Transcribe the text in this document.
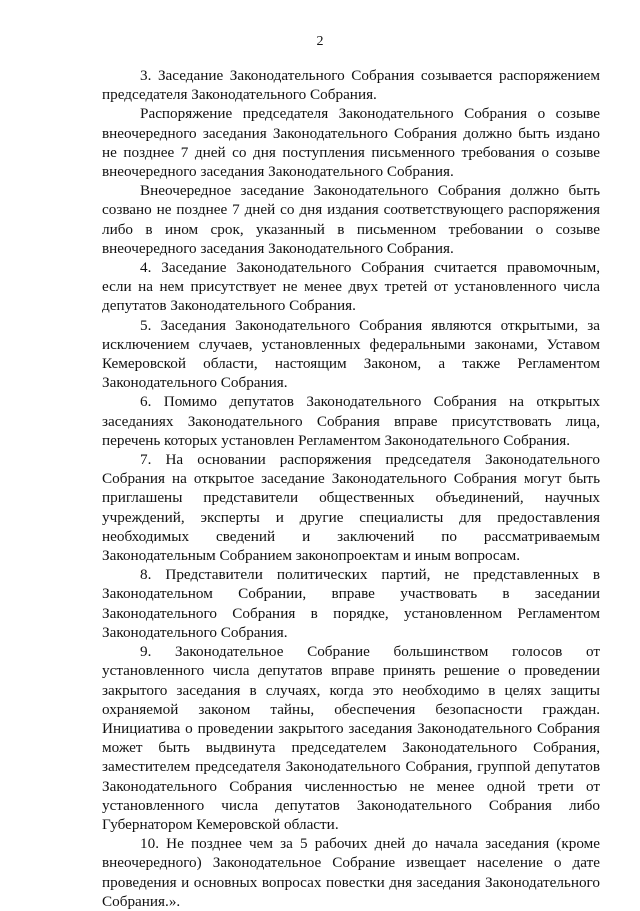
2

3. Заседание Законодательного Собрания созывается распоряжением председателя Законодательного Собрания.

Распоряжение председателя Законодательного Собрания о созыве внеочередного заседания Законодательного Собрания должно быть издано не позднее 7 дней со дня поступления письменного требования о созыве внеочередного заседания Законодательного Собрания.

Внеочередное заседание Законодательного Собрания должно быть созвано не позднее 7 дней со дня издания соответствующего распоряжения либо в ином срок, указанный в письменном требовании о созыве внеочередного заседания Законодательного Собрания.

4. Заседание Законодательного Собрания считается правомочным, если на нем присутствует не менее двух третей от установленного числа депутатов Законодательного Собрания.

5. Заседания Законодательного Собрания являются открытыми, за исключением случаев, установленных федеральными законами, Уставом Кемеровской области, настоящим Законом, а также Регламентом Законодательного Собрания.

6. Помимо депутатов Законодательного Собрания на открытых заседаниях Законодательного Собрания вправе присутствовать лица, перечень которых установлен Регламентом Законодательного Собрания.

7. На основании распоряжения председателя Законодательного Собрания на открытое заседание Законодательного Собрания могут быть приглашены представители общественных объединений, научных учреждений, эксперты и другие специалисты для предоставления необходимых сведений и заключений по рассматриваемым Законодательным Собранием законопроектам и иным вопросам.

8. Представители политических партий, не представленных в Законодательном Собрании, вправе участвовать в заседании Законодательного Собрания в порядке, установленном Регламентом Законодательного Собрания.

9. Законодательное Собрание большинством голосов от установленного числа депутатов вправе принять решение о проведении закрытого заседания в случаях, когда это необходимо в целях защиты охраняемой законом тайны, обеспечения безопасности граждан. Инициатива о проведении закрытого заседания Законодательного Собрания может быть выдвинута председателем Законодательного Собрания, заместителем председателя Законодательного Собрания, группой депутатов Законодательного Собрания численностью не менее одной трети от установленного числа депутатов Законодательного Собрания либо Губернатором Кемеровской области.

10. Не позднее чем за 5 рабочих дней до начала заседания (кроме внеочередного) Законодательное Собрание извещает население о дате проведения и основных вопросах повестки дня заседания Законодательного Собрания.».
